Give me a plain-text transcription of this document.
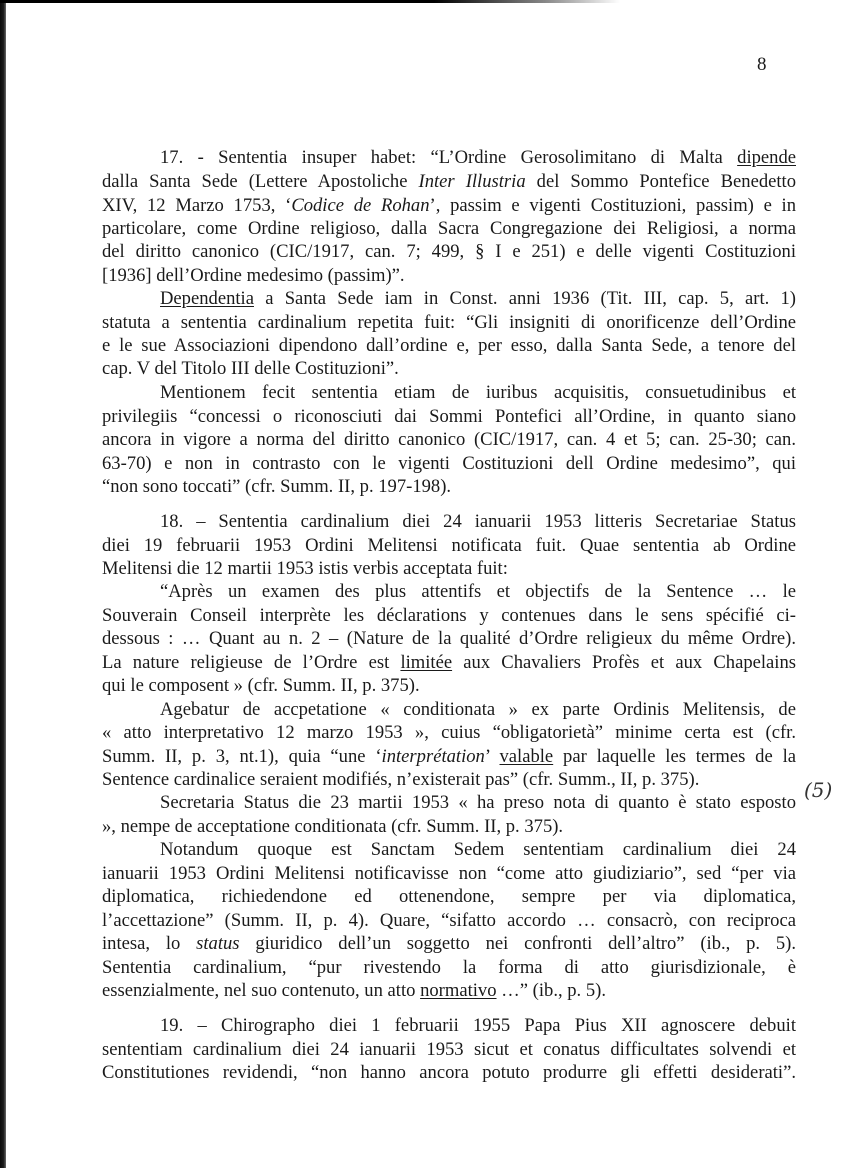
8
(5)
17. - Sententia insuper habet: “L’Ordine Gerosolimitano di Malta dipende
dalla Santa Sede (Lettere Apostoliche Inter Illustria del Sommo Pontefice Benedetto
XIV, 12 Marzo 1753, ‘Codice de Rohan’, passim e vigenti Costituzioni, passim) e in
particolare, come Ordine religioso, dalla Sacra Congregazione dei Religiosi, a norma
del diritto canonico (CIC/1917, can. 7; 499, § I e 251) e delle vigenti Costituzioni
[1936] dell’Ordine medesimo (passim)”.
Dependentia a Santa Sede iam in Const. anni 1936 (Tit. III, cap. 5, art. 1)
statuta a sententia cardinalium repetita fuit: “Gli insigniti di onorificenze dell’Ordine
e le sue Associazioni dipendono dall’ordine e, per esso, dalla Santa Sede, a tenore del
cap. V del Titolo III delle Costituzioni”.
Mentionem fecit sententia etiam de iuribus acquisitis, consuetudinibus et
privilegiis “concessi o riconosciuti dai Sommi Pontefici all’Ordine, in quanto siano
ancora in vigore a norma del diritto canonico (CIC/1917, can. 4 et 5; can. 25-30; can.
63-70) e non in contrasto con le vigenti Costituzioni dell Ordine medesimo”, qui
“non sono toccati” (cfr. Summ. II, p. 197-198).
18. – Sententia cardinalium diei 24 ianuarii 1953 litteris Secretariae Status
diei 19 februarii 1953 Ordini Melitensi notificata fuit. Quae sententia ab Ordine
Melitensi die 12 martii 1953 istis verbis acceptata fuit:
“Après un examen des plus attentifs et objectifs de la Sentence … le
Souverain Conseil interprète les déclarations y contenues dans le sens spécifié ci-
dessous : … Quant au n. 2 – (Nature de la qualité d’Ordre religieux du même Ordre).
La nature religieuse de l’Ordre est limitée aux Chavaliers Profès et aux Chapelains
qui le composent » (cfr. Summ. II, p. 375).
Agebatur de accpetatione « conditionata » ex parte Ordinis Melitensis, de
« atto interpretativo 12 marzo 1953 », cuius “obligatorietà” minime certa est (cfr.
Summ. II, p. 3, nt.1), quia “une ‘interprétation’ valable par laquelle les termes de la
Sentence cardinalice seraient modifiés, n’existerait pas” (cfr. Summ., II, p. 375).
Secretaria Status die 23 martii 1953 « ha preso nota di quanto è stato esposto
», nempe de acceptatione conditionata (cfr. Summ. II, p. 375).
Notandum quoque est Sanctam Sedem sententiam cardinalium diei 24
ianuarii 1953 Ordini Melitensi notificavisse non “come atto giudiziario”, sed “per via
diplomatica, richiedendone ed ottenendone, sempre per via diplomatica,
l’accettazione” (Summ. II, p. 4). Quare, “sifatto accordo … consacrò, con reciproca
intesa, lo status giuridico dell’un soggetto nei confronti dell’altro” (ib., p. 5).
Sententia cardinalium, “pur rivestendo la forma di atto giurisdizionale, è
essenzialmente, nel suo contenuto, un atto normativo …” (ib., p. 5).
19. – Chirographo diei 1 februarii 1955 Papa Pius XII agnoscere debuit
sententiam cardinalium diei 24 ianuarii 1953 sicut et conatus difficultates solvendi et
Constitutiones revidendi, “non hanno ancora potuto produrre gli effetti desiderati”.
